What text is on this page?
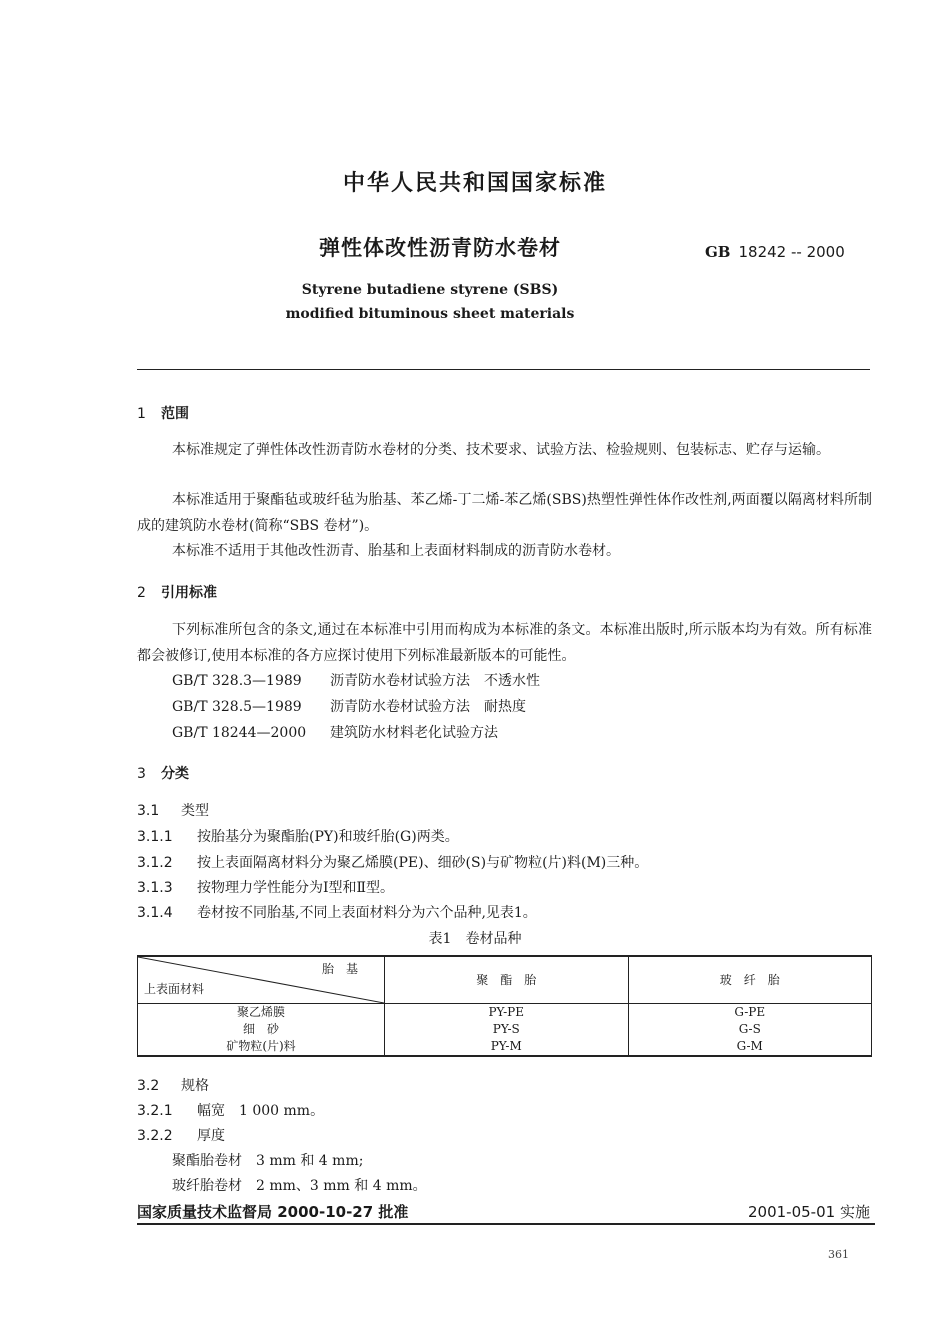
中华人民共和国国家标准
弹性体改性沥青防水卷材	GB 18242 -- 2000
Styrene butadiene styrene (SBS)
modified bituminous sheet materials
1 范围
本标准规定了弹性体改性沥青防水卷材的分类、技术要求、试验方法、检验规则、包装标志、贮存与运输。
本标准适用于聚酯毡或玻纤毡为胎基、苯乙烯-丁二烯-苯乙烯(SBS)热塑性弹性体作改性剂,两面覆以隔离材料所制成的建筑防水卷材(简称“SBS 卷材”)。
本标准不适用于其他改性沥青、胎基和上表面材料制成的沥青防水卷材。
2 引用标准
下列标准所包含的条文,通过在本标准中引用而构成为本标准的条文。本标准出版时,所示版本均为有效。所有标准都会被修订,使用本标准的各方应探讨使用下列标准最新版本的可能性。
GB/T 328.3—1989 沥青防水卷材试验方法　不透水性
GB/T 328.5—1989 沥青防水卷材试验方法　耐热度
GB/T 18244—2000 建筑防水材料老化试验方法
3 分类
3.1 类型
3.1.1 按胎基分为聚酯胎(PY)和玻纤胎(G)两类。
3.1.2 按上表面隔离材料分为聚乙烯膜(PE)、细砂(S)与矿物粒(片)料(M)三种。
3.1.3 按物理力学性能分为Ⅰ型和Ⅱ型。
3.1.4 卷材按不同胎基,不同上表面材料分为六个品种,见表1。
表1　卷材品种
胎　基
上表面材料	聚　酯　胎	玻　纤　胎
聚乙烯膜	PY-PE	G-PE
细　砂	PY-S	G-S
矿物粒(片)料	PY-M	G-M
3.2 规格
3.2.1 幅宽　1 000 mm。
3.2.2 厚度
聚酯胎卷材　3 mm 和 4 mm;
玻纤胎卷材　2 mm、3 mm 和 4 mm。
国家质量技术监督局 2000-10-27 批准	2001-05-01 实施
361
